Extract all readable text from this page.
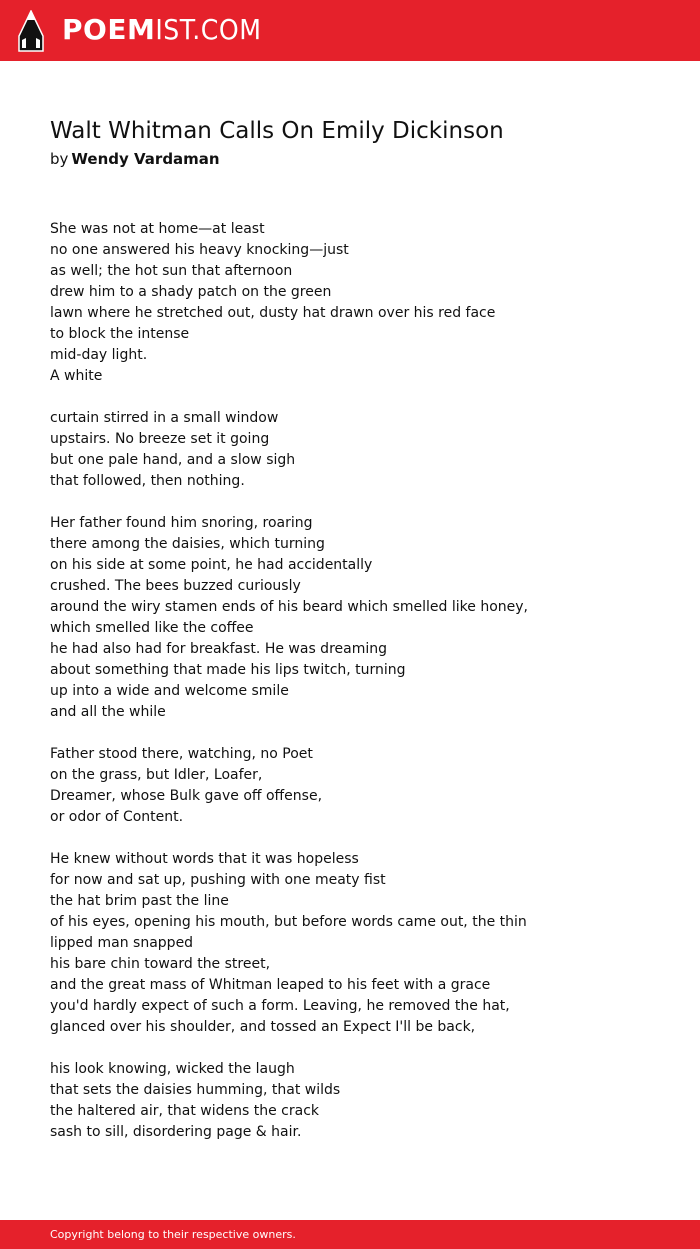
POEMIST.COM
Walt Whitman Calls On Emily Dickinson
by Wendy Vardaman
She was not at home—at least
no one answered his heavy knocking—just
as well; the hot sun that afternoon
drew him to a shady patch on the green
lawn where he stretched out, dusty hat drawn over his red face
to block the intense
mid-day light.
A white
curtain stirred in a small window
upstairs. No breeze set it going
but one pale hand, and a slow sigh
that followed, then nothing.
Her father found him snoring, roaring
there among the daisies, which turning
on his side at some point, he had accidentally
crushed. The bees buzzed curiously
around the wiry stamen ends of his beard which smelled like honey,
which smelled like the coffee
he had also had for breakfast. He was dreaming
about something that made his lips twitch, turning
up into a wide and welcome smile
and all the while
Father stood there, watching, no Poet
on the grass, but Idler, Loafer,
Dreamer, whose Bulk gave off offense,
or odor of Content.
He knew without words that it was hopeless
for now and sat up, pushing with one meaty fist
the hat brim past the line
of his eyes, opening his mouth, but before words came out, the thin
lipped man snapped
his bare chin toward the street,
and the great mass of Whitman leaped to his feet with a grace
you'd hardly expect of such a form. Leaving, he removed the hat,
glanced over his shoulder, and tossed an Expect I'll be back,
his look knowing, wicked the laugh
that sets the daisies humming, that wilds
the haltered air, that widens the crack
sash to sill, disordering page & hair.
Copyright belong to their respective owners.
